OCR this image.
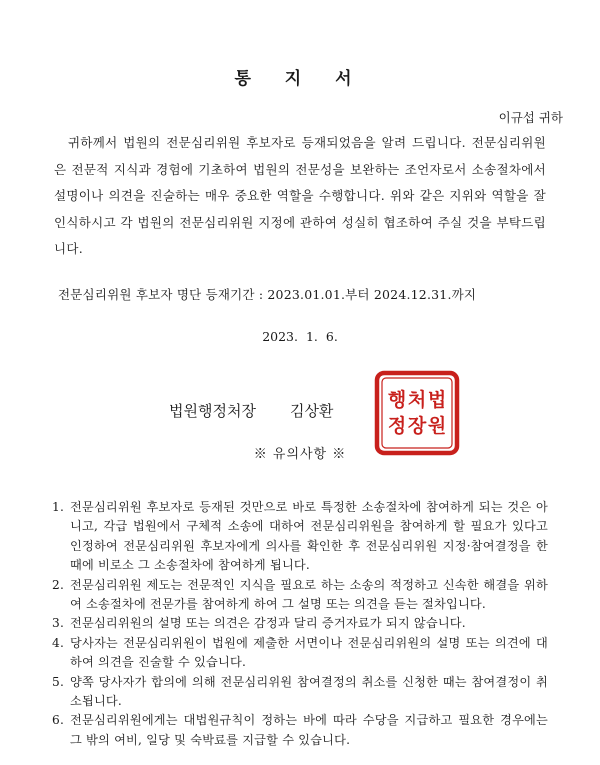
통 지 서
이규섭 귀하
귀하께서 법원의 전문심리위원 후보자로 등재되었음을 알려 드립니다. 전문심리위원은 전문적 지식과 경험에 기초하여 법원의 전문성을 보완하는 조언자로서 소송절차에서 설명이나 의견을 진술하는 매우 중요한 역할을 수행합니다. 위와 같은 지위와 역할을 잘 인식하시고 각 법원의 전문심리위원 지정에 관하여 성실히 협조하여 주실 것을 부탁드립니다.
전문심리위원 후보자 명단 등재기간 : 2023.01.01.부터 2024.12.31.까지
2023. 1. 6.
법원행정처장 김상환	법
원
행
정
처
장
※ 유의사항 ※
1. 전문심리위원 후보자로 등재된 것만으로 바로 특정한 소송절차에 참여하게 되는 것은 아니고, 각급 법원에서 구체적 소송에 대하여 전문심리위원을 참여하게 할 필요가 있다고 인정하여 전문심리위원 후보자에게 의사를 확인한 후 전문심리위원 지정·참여결정을 한 때에 비로소 그 소송절차에 참여하게 됩니다.
2. 전문심리위원 제도는 전문적인 지식을 필요로 하는 소송의 적정하고 신속한 해결을 위하여 소송절차에 전문가를 참여하게 하여 그 설명 또는 의견을 듣는 절차입니다.
3. 전문심리위원의 설명 또는 의견은 감정과 달리 증거자료가 되지 않습니다.
4. 당사자는 전문심리위원이 법원에 제출한 서면이나 전문심리위원의 설명 또는 의견에 대하여 의견을 진술할 수 있습니다.
5. 양쪽 당사자가 합의에 의해 전문심리위원 참여결정의 취소를 신청한 때는 참여결정이 취소됩니다.
6. 전문심리위원에게는 대법원규칙이 정하는 바에 따라 수당을 지급하고 필요한 경우에는 그 밖의 여비, 일당 및 숙박료를 지급할 수 있습니다.
